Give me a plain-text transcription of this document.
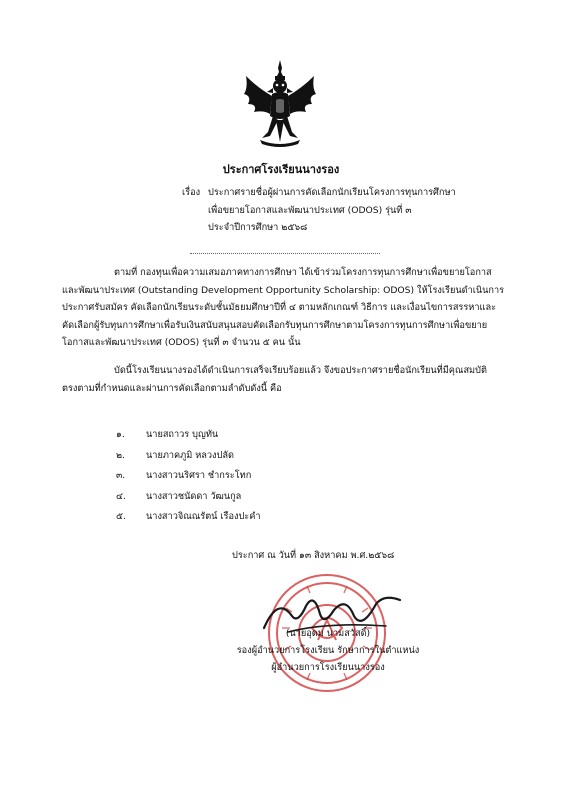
ประกาศโรงเรียนนางรอง
เรื่อง ประกาศรายชื่อผู้ผ่านการคัดเลือกนักเรียนโครงการทุนการศึกษา
เพื่อขยายโอกาสและพัฒนาประเทศ (ODOS) รุ่นที่ ๓
ประจำปีการศึกษา ๒๕๖๘
ตามที่ กองทุนเพื่อความเสมอภาคทางการศึกษา ได้เข้าร่วมโครงการทุนการศึกษาเพื่อขยายโอกาส
และพัฒนาประเทศ (Outstanding Development Opportunity Scholarship: ODOS) ให้โรงเรียนดำเนินการ
ประกาศรับสมัคร คัดเลือกนักเรียนระดับชั้นมัธยมศึกษาปีที่ ๔ ตามหลักเกณฑ์ วิธีการ และเงื่อนไขการสรรหาและ
คัดเลือกผู้รับทุนการศึกษาเพื่อรับเงินสนับสนุนสอบคัดเลือกรับทุนการศึกษาตามโครงการทุนการศึกษาเพื่อขยาย
โอกาสและพัฒนาประเทศ (ODOS) รุ่นที่ ๓ จำนวน ๕ คน นั้น
บัดนี้โรงเรียนนางรองได้ดำเนินการเสร็จเรียบร้อยแล้ว จึงขอประกาศรายชื่อนักเรียนที่มีคุณสมบัติ
ตรงตามที่กำหนดและผ่านการคัดเลือกตามลำดับดังนี้ คือ
๑. นายสถาวร บุญทัน
๒. นายภาคภูมิ หลวงปลัด
๓. นางสาวนริศรา ชำกระโทก
๔. นางสาวชนัดดา วัฒนกูล
๕. นางสาวจิณณรัตน์ เรืองปะคำ
ประกาศ ณ วันที่ ๑๓ สิงหาคม พ.ศ.๒๕๖๘
(นายอุดม นามสวัสดิ์)
รองผู้อำนวยการโรงเรียน รักษาการในตำแหน่ง
ผู้อำนวยการโรงเรียนนางรอง
